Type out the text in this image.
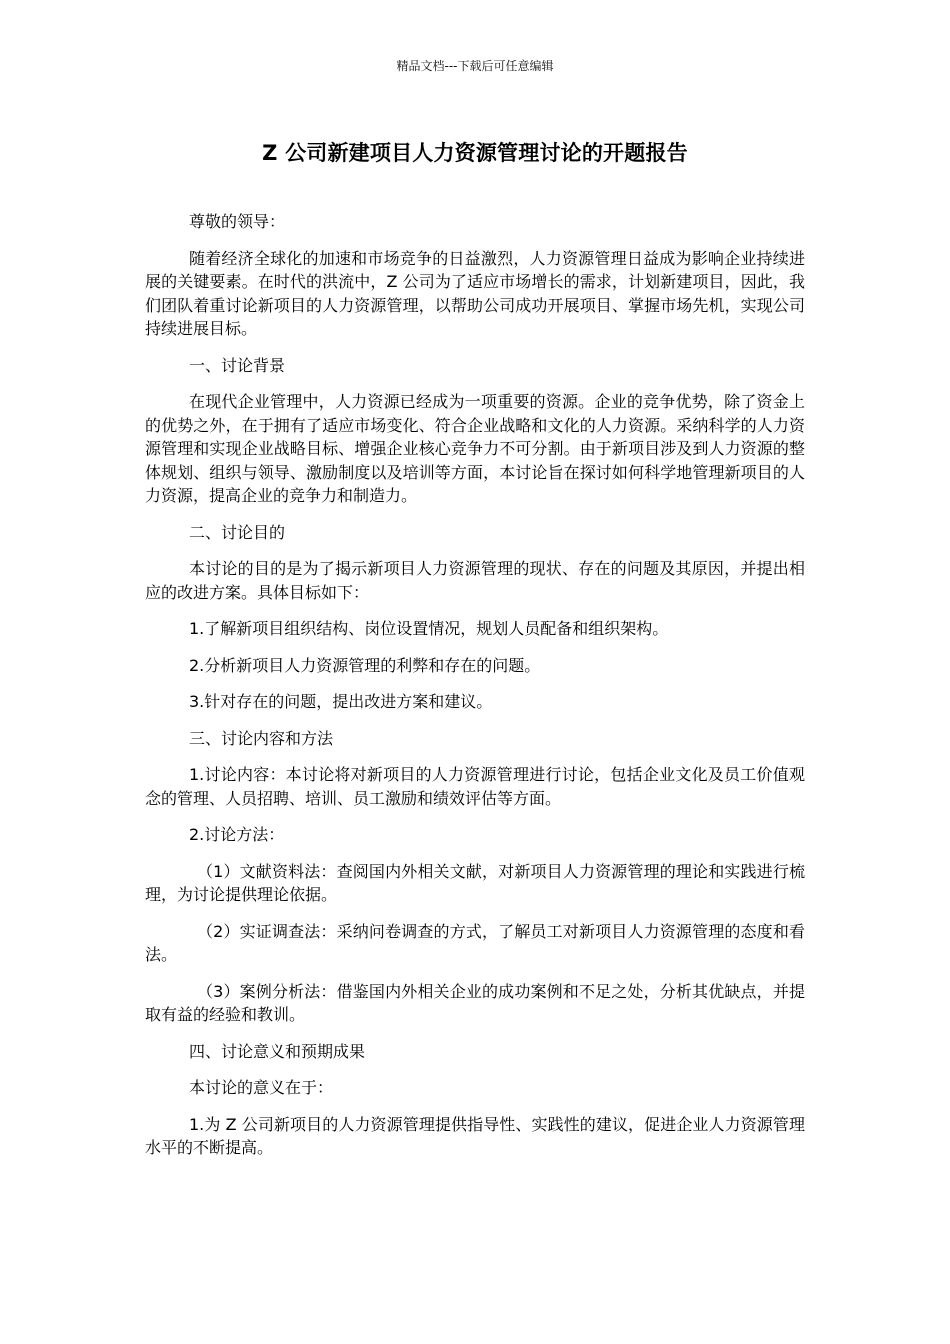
精品文档---下载后可任意编辑
Z 公司新建项目人力资源管理讨论的开题报告

尊敬的领导：

随着经济全球化的加速和市场竞争的日益激烈，人力资源管理日益成为影响企业持续进展的关键要素。在时代的洪流中，Z 公司为了适应市场增长的需求，计划新建项目，因此，我们团队着重讨论新项目的人力资源管理，以帮助公司成功开展项目、掌握市场先机，实现公司持续进展目标。

一、讨论背景

在现代企业管理中，人力资源已经成为一项重要的资源。企业的竞争优势，除了资金上的优势之外，在于拥有了适应市场变化、符合企业战略和文化的人力资源。采纳科学的人力资源管理和实现企业战略目标、增强企业核心竞争力不可分割。由于新项目涉及到人力资源的整体规划、组织与领导、激励制度以及培训等方面，本讨论旨在探讨如何科学地管理新项目的人力资源，提高企业的竞争力和制造力。

二、讨论目的

本讨论的目的是为了揭示新项目人力资源管理的现状、存在的问题及其原因，并提出相应的改进方案。具体目标如下：

1.了解新项目组织结构、岗位设置情况，规划人员配备和组织架构。

2.分析新项目人力资源管理的利弊和存在的问题。

3.针对存在的问题，提出改进方案和建议。

三、讨论内容和方法

1.讨论内容：本讨论将对新项目的人力资源管理进行讨论，包括企业文化及员工价值观念的管理、人员招聘、培训、员工激励和绩效评估等方面。

2.讨论方法：

（1）文献资料法：查阅国内外相关文献，对新项目人力资源管理的理论和实践进行梳理，为讨论提供理论依据。

（2）实证调查法：采纳问卷调查的方式，了解员工对新项目人力资源管理的态度和看法。

（3）案例分析法：借鉴国内外相关企业的成功案例和不足之处，分析其优缺点，并提取有益的经验和教训。

四、讨论意义和预期成果

本讨论的意义在于：

1.为 Z 公司新项目的人力资源管理提供指导性、实践性的建议，促进企业人力资源管理水平的不断提高。
